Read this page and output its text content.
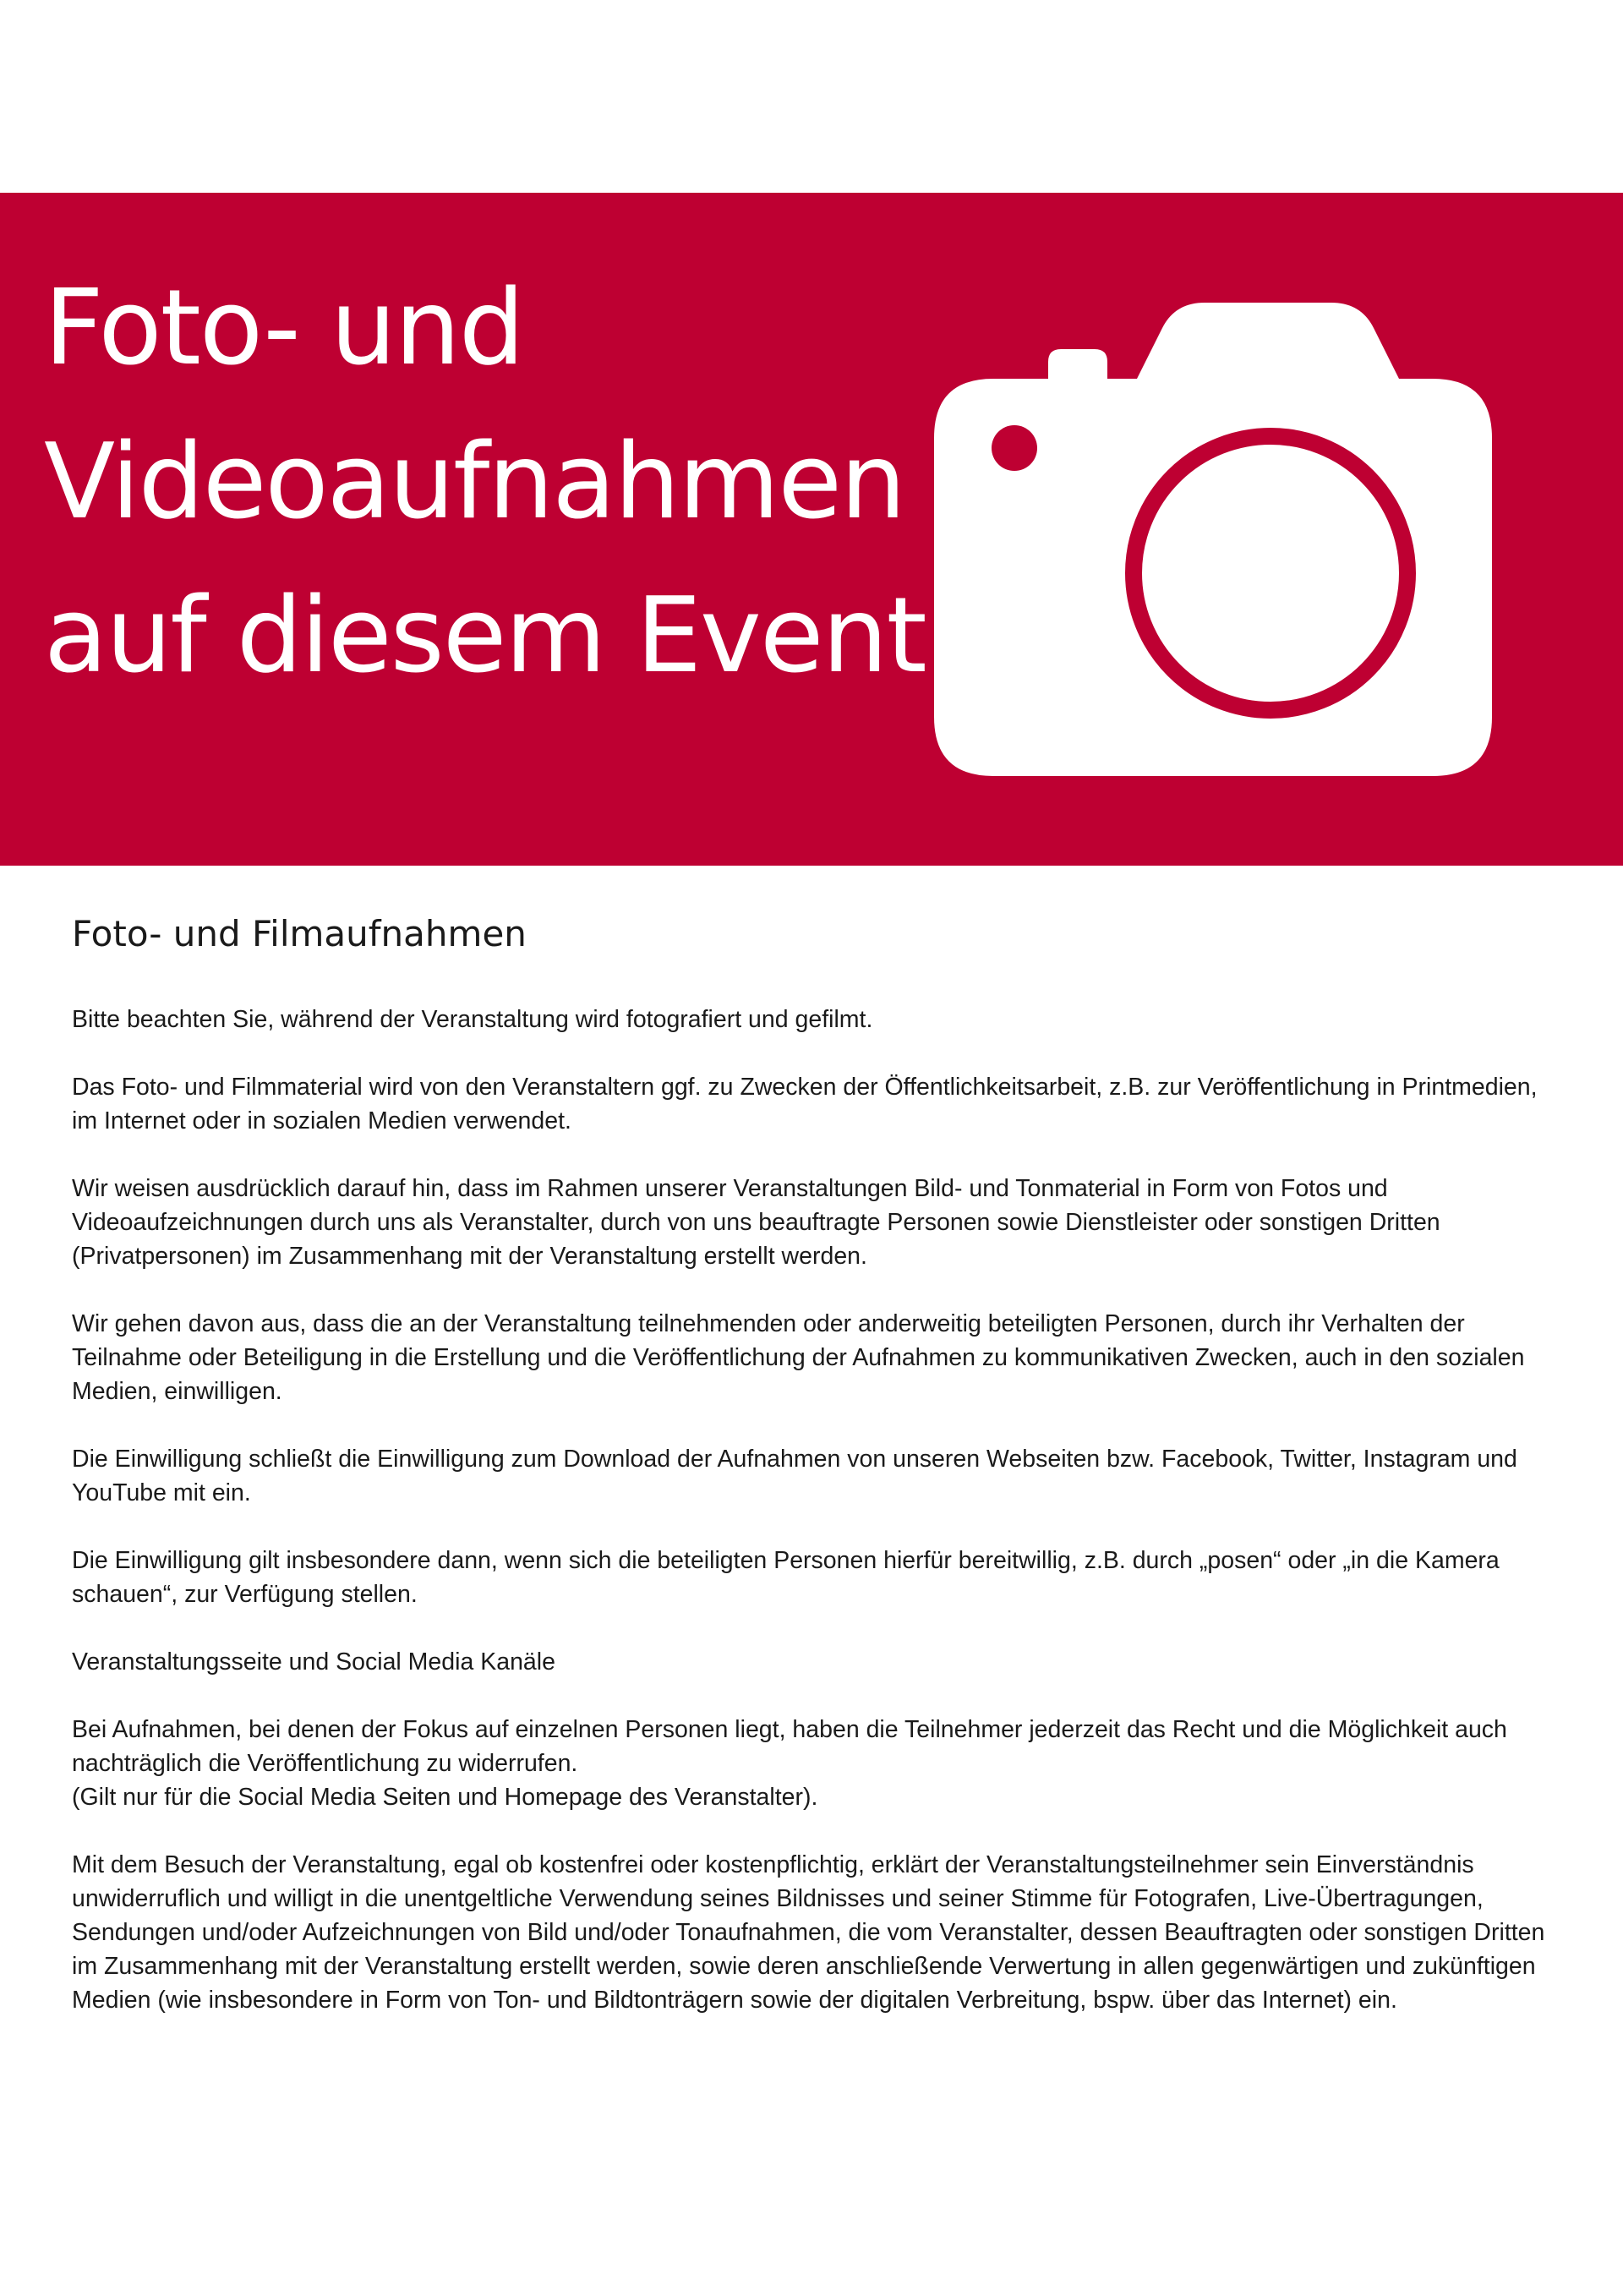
Foto- und
Videoaufnahmen
auf diesem Event
Foto- und Filmaufnahmen

Bitte beachten Sie, während der Veranstaltung wird fotografiert und gefilmt.

Das Foto- und Filmmaterial wird von den Veranstaltern ggf. zu Zwecken der Öffentlichkeitsarbeit, z.B. zur Veröffentlichung in Printmedien, im Internet oder in sozialen Medien verwendet.

Wir weisen ausdrücklich darauf hin, dass im Rahmen unserer Veranstaltungen Bild- und Tonmaterial in Form von Fotos und Videoaufzeichnungen durch uns als Veranstalter, durch von uns beauftragte Personen sowie Dienstleister oder sonstigen Dritten (Privatpersonen) im Zusammenhang mit der Veranstaltung erstellt werden.

Wir gehen davon aus, dass die an der Veranstaltung teilnehmenden oder anderweitig beteiligten Personen, durch ihr Verhalten der Teilnahme oder Beteiligung in die Erstellung und die Veröffentlichung der Aufnahmen zu kommunikativen Zwecken, auch in den sozialen Medien, einwilligen.

Die Einwilligung schließt die Einwilligung zum Download der Aufnahmen von unseren Webseiten bzw. Facebook, Twitter, Instagram und YouTube mit ein.

Die Einwilligung gilt insbesondere dann, wenn sich die beteiligten Personen hierfür bereitwillig, z.B. durch „posen“ oder „in die Kamera schauen“, zur Verfügung stellen.

Veranstaltungsseite und Social Media Kanäle

Bei Aufnahmen, bei denen der Fokus auf einzelnen Personen liegt, haben die Teilnehmer jederzeit das Recht und die Möglichkeit auch nachträglich die Veröffentlichung zu widerrufen.
(Gilt nur für die Social Media Seiten und Homepage des Veranstalter).

Mit dem Besuch der Veranstaltung, egal ob kostenfrei oder kostenpflichtig, erklärt der Veranstaltungsteilnehmer sein Einverständnis unwiderruflich und willigt in die unentgeltliche Verwendung seines Bildnisses und seiner Stimme für Fotografen, Live-Übertragungen, Sendungen und/oder Aufzeichnungen von Bild und/oder Tonaufnahmen, die vom Veranstalter, dessen Beauftragten oder sonstigen Dritten im Zusammenhang mit der Veranstaltung erstellt werden, sowie deren anschließende Verwertung in allen gegenwärtigen und zukünftigen Medien (wie insbesondere in Form von Ton- und Bildtonträgern sowie der digitalen Verbreitung, bspw. über das Internet) ein.
